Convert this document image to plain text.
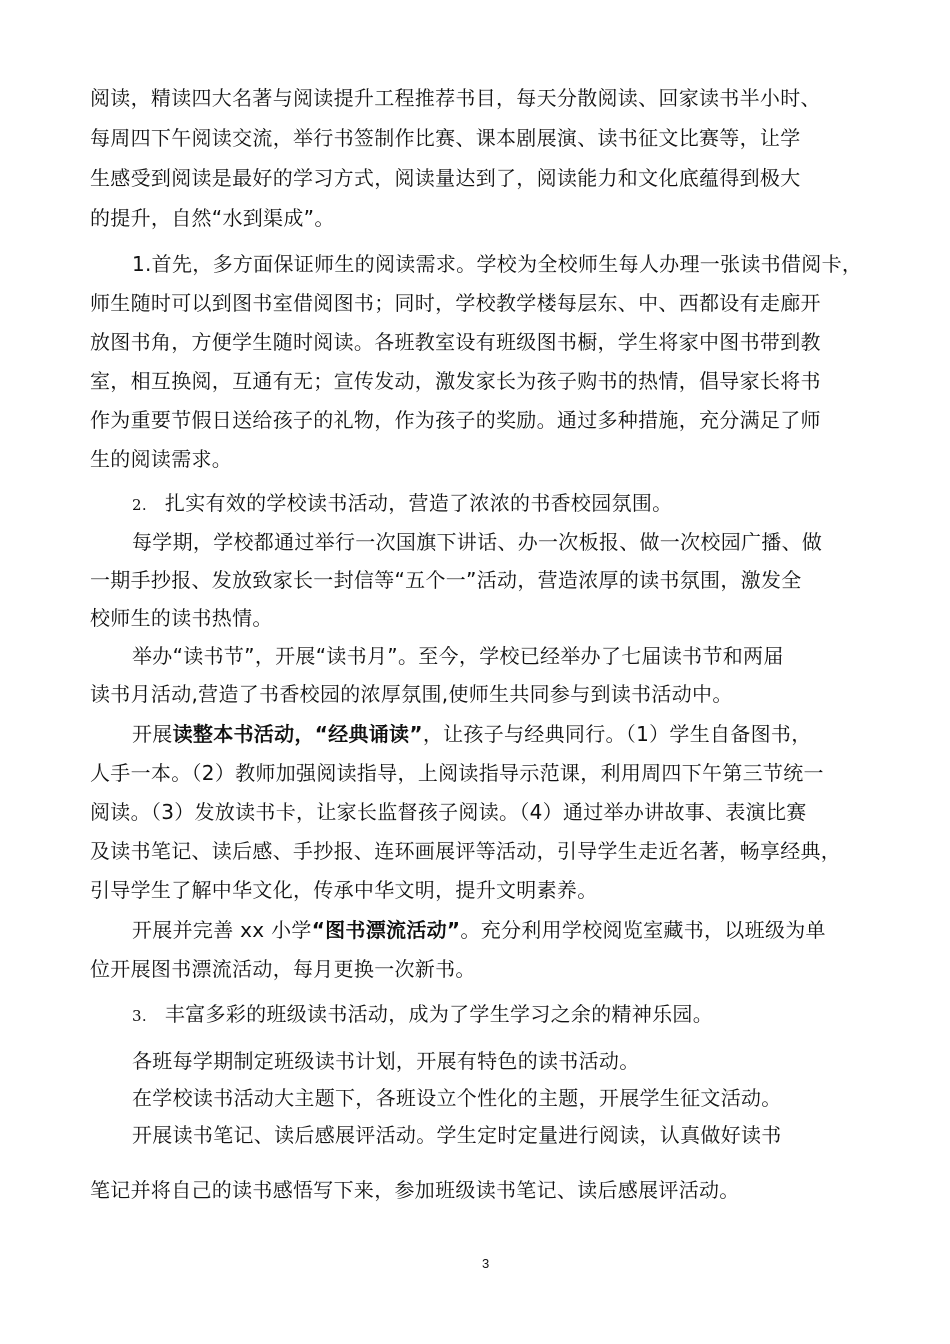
阅读，精读四大名著与阅读提升工程推荐书目，每天分散阅读、回家读书半小时、
每周四下午阅读交流，举行书签制作比赛、课本剧展演、读书征文比赛等，让学
生感受到阅读是最好的学习方式，阅读量达到了，阅读能力和文化底蕴得到极大
的提升，自然“水到渠成”。
1.首先，多方面保证师生的阅读需求。学校为全校师生每人办理一张读书借阅卡，
师生随时可以到图书室借阅图书；同时，学校教学楼每层东、中、西都设有走廊开
放图书角，方便学生随时阅读。各班教室设有班级图书橱，学生将家中图书带到教
室，相互换阅，互通有无；宣传发动，激发家长为孩子购书的热情，倡导家长将书
作为重要节假日送给孩子的礼物，作为孩子的奖励。通过多种措施，充分满足了师
生的阅读需求。
2. 扎实有效的学校读书活动，营造了浓浓的书香校园氛围。
每学期，学校都通过举行一次国旗下讲话、办一次板报、做一次校园广播、做
一期手抄报、发放致家长一封信等“五个一”活动，营造浓厚的读书氛围，激发全
校师生的读书热情。
举办“读书节”，开展“读书月”。至今，学校已经举办了七届读书节和两届
读书月活动,营造了书香校园的浓厚氛围,使师生共同参与到读书活动中。
开展读整本书活动，“经典诵读”，让孩子与经典同行。（1）学生自备图书，
人手一本。（2）教师加强阅读指导，上阅读指导示范课，利用周四下午第三节统一
阅读。（3）发放读书卡，让家长监督孩子阅读。（4）通过举办讲故事、表演比赛
及读书笔记、读后感、手抄报、连环画展评等活动，引导学生走近名著，畅享经典，
引导学生了解中华文化，传承中华文明，提升文明素养。
开展并完善 xx 小学“图书漂流活动”。充分利用学校阅览室藏书，以班级为单
位开展图书漂流活动，每月更换一次新书。
3. 丰富多彩的班级读书活动，成为了学生学习之余的精神乐园。
各班每学期制定班级读书计划，开展有特色的读书活动。
在学校读书活动大主题下，各班设立个性化的主题，开展学生征文活动。
开展读书笔记、读后感展评活动。学生定时定量进行阅读，认真做好读书
笔记并将自己的读书感悟写下来，参加班级读书笔记、读后感展评活动。
3
